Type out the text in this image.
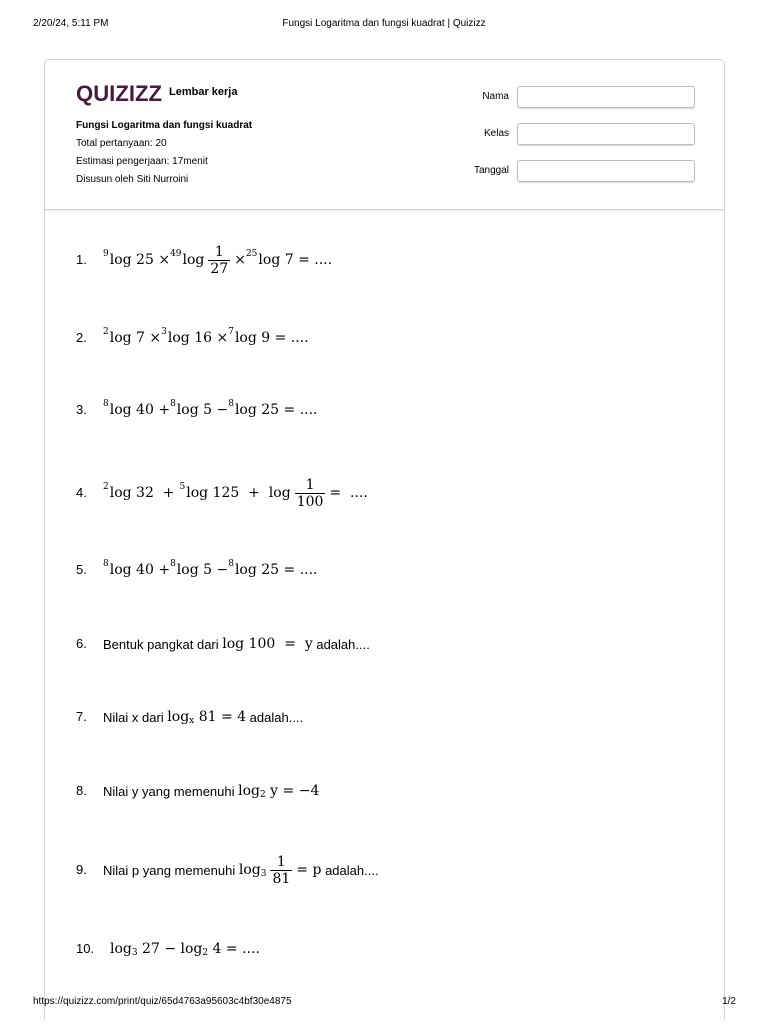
2/20/24, 5:11 PM	Fungsi Logaritma dan fungsi kuadrat | Quizizz
QUIZIZZ Lembar kerja
Fungsi Logaritma dan fungsi kuadrat
Total pertanyaan: 20
Estimasi pengerjaan: 17menit
Disusun oleh Siti Nurroini
Nama
Kelas
Tanggal
1. 9 log 25 × 49 $\log \frac{1}{27} \times 25$ log 7 = ....
2. 2 log 7 × 3 log 16 × 7 log 9 = ....
3. 8 log 40 + 8 log 5 − 8 log 25 = ....
4. 2 log 32  + 5 $\log 125 + \log \frac{1}{100}$ =  ....
5. 8 log 40 + 8 log 5 − 8 log 25 = ....
6. Bentuk pangkat dari log 100  =  y adalah....
7. Nilai x dari log x 81 = 4 adalah....
8. Nilai y yang memenuhi log 2 y = −4
9. Nilai p yang memenuhi $\log 3 \frac{1}{81} = p$ adalah....
10. log 3 27 − log 2 4 = ....
https://quizizz.com/print/quiz/65d4763a95603c4bf30e4875	1/2
